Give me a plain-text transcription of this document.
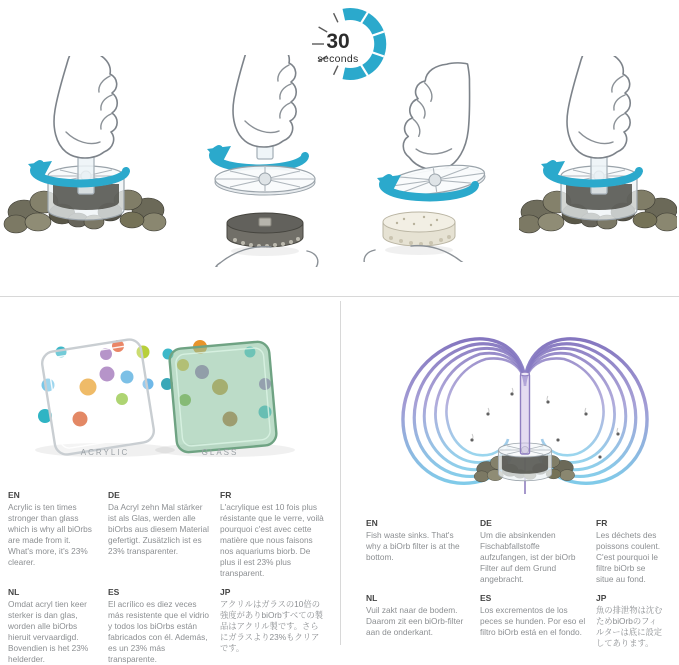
30
seconds
ACRYLIC	GLASS
EN
Acrylic is ten times stronger than glass which is why all biOrbs are made from it. What's more, it's 23% clearer.
DE
Da Acryl zehn Mal stärker ist als Glas, werden alle biOrbs aus diesem Material gefertigt. Zusätzlich ist es 23% transparenter.
FR
L'acrylique est 10 fois plus résistante que le verre, voilà pourquoi c'est avec cette matière que nous faisons nos aquariums biorb. De plus il est 23% plus transparent.
NL
Omdat acryl tien keer sterker is dan glas, worden alle biOrbs hieruit vervaardigd. Bovendien is het 23% helderder.
ES
El acrílico es diez veces más resistente que el vidrio y todos los biOrbs están fabricados con él. Además, es un 23% más transparente.
JP
アクリルはガラスの10倍の強度がありbiOrbすべての製品はアクリル製です。さらにガラスより23%もクリアです。
EN
Fish waste sinks. That's why a biOrb filter is at the bottom.
DE
Um die absinkenden Fischabfallstoffe aufzufangen, ist der biOrb Filter auf dem Grund angebracht.
FR
Les déchets des poissons coulent. C'est pourquoi le filtre biOrb se situe au fond.
NL
Vuil zakt naar de bodem. Daarom zit een biOrb-filter aan de onderkant.
ES
Los excrementos de los peces se hunden. Por eso el filtro biOrb está en el fondo.
JP
魚の排泄物は沈むためbiOrbのフィルターは底に設定してあります。
